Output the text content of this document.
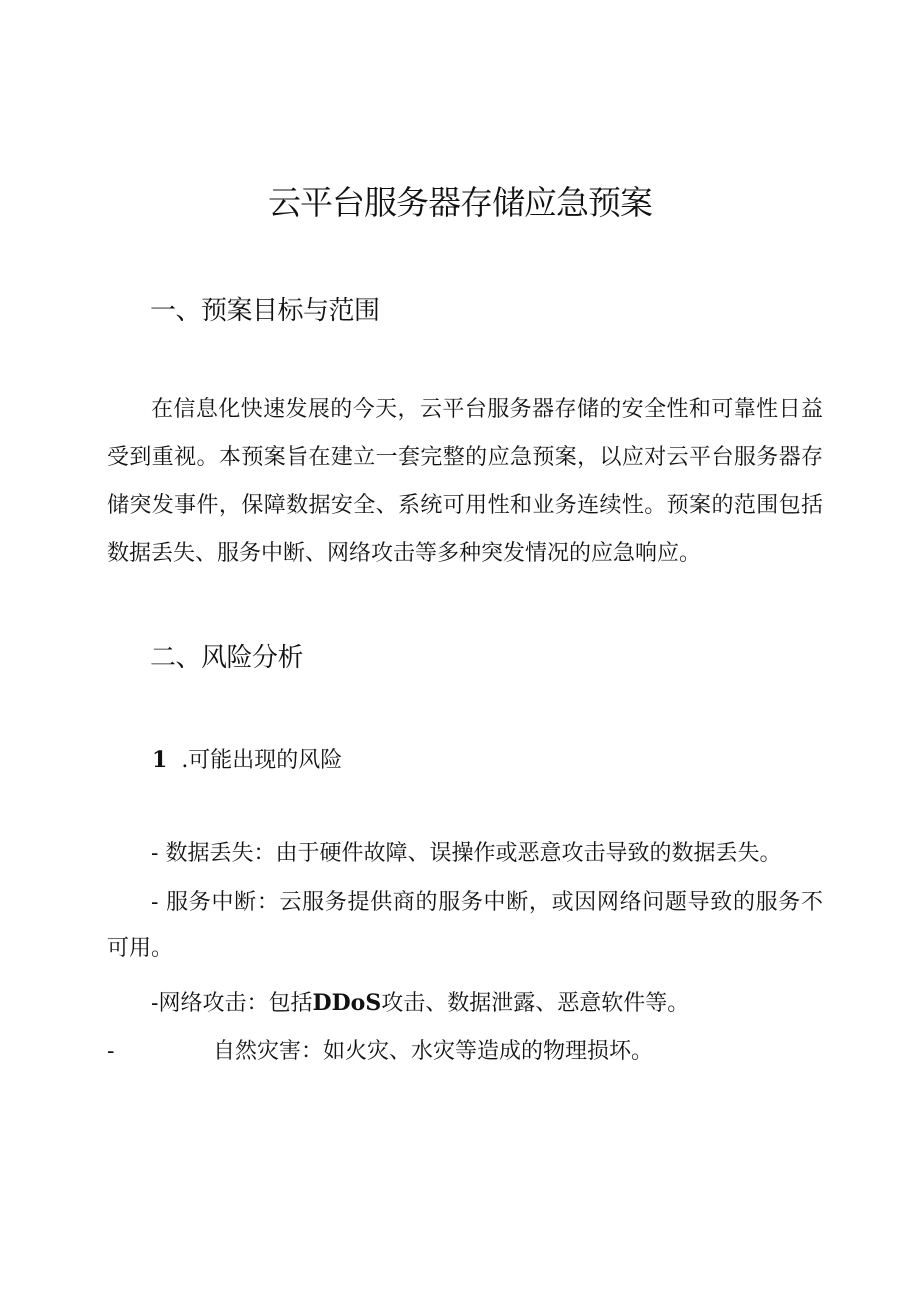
云平台服务器存储应急预案
一、预案目标与范围

在信息化快速发展的今天，云平台服务器存储的安全性和可靠性日益受到重视。本预案旨在建立一套完整的应急预案，以应对云平台服务器存储突发事件，保障数据安全、系统可用性和业务连续性。预案的范围包括数据丢失、服务中断、网络攻击等多种突发情况的应急响应。

二、风险分析

1 .可能出现的风险

- 数据丢失：由于硬件故障、误操作或恶意攻击导致的数据丢失。

- 服务中断：云服务提供商的服务中断，或因网络问题导致的服务不可用。

-网络攻击：包括DDoS攻击、数据泄露、恶意软件等。

-	自然灾害：如火灾、水灾等造成的物理损坏。
